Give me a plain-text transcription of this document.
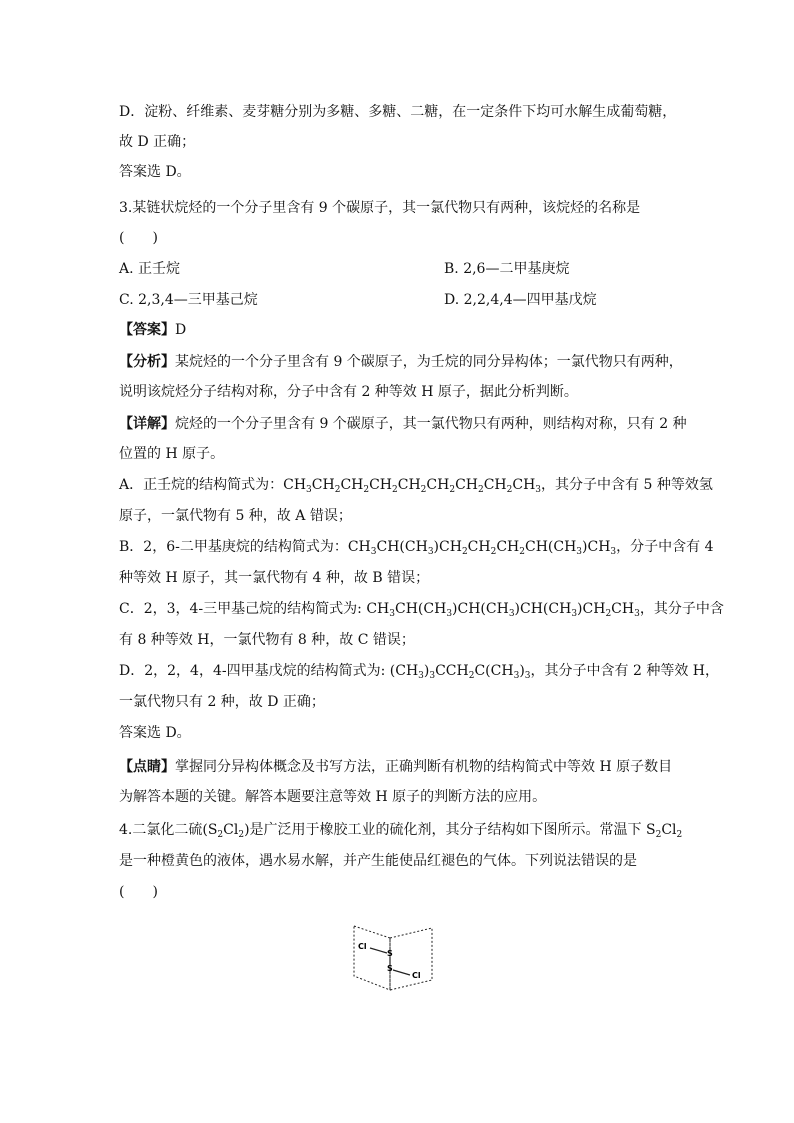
D．淀粉、纤维素、麦芽糖分别为多糖、多糖、二糖，在一定条件下均可水解生成葡萄糖，
故 D 正确；
答案选 D。
3.某链状烷烃的一个分子里含有 9 个碳原子，其一氯代物只有两种，该烷烃的名称是
(　　)
A. 正壬烷	B. 2,6—二甲基庚烷
C. 2,3,4—三甲基己烷	D. 2,2,4,4—四甲基戊烷
【答案】D
【分析】某烷烃的一个分子里含有 9 个碳原子，为壬烷的同分异构体；一氯代物只有两种，
说明该烷烃分子结构对称，分子中含有 2 种等效 H 原子，据此分析判断。
【详解】烷烃的一个分子里含有 9 个碳原子，其一氯代物只有两种，则结构对称，只有 2 种
位置的 H 原子。
A．正壬烷的结构简式为：$CH_3CH_2CH_2CH_2CH_2CH_2CH_2CH_2CH_3$，其分子中含有 5 种等效氢
原子，一氯代物有 5 种，故 A 错误；
B．2，6-二甲基庚烷的结构简式为：$CH_3CH(CH_3)CH_2CH_2CH_2CH(CH_3)CH_3$，分子中含有 4
种等效 H 原子，其一氯代物有 4 种，故 B 错误；
C．2，3，4-三甲基己烷的结构简式为: $CH_3CH(CH_3)CH(CH_3)CH(CH_3)CH_2CH_3$，其分子中含
有 8 种等效 H，一氯代物有 8 种，故 C 错误；
D．2，2，4，4-四甲基戊烷的结构简式为: $(CH_3)_3CCH_2C(CH_3)_3$，其分子中含有 2 种等效 H，
一氯代物只有 2 种，故 D 正确；
答案选 D。
【点睛】掌握同分异构体概念及书写方法，正确判断有机物的结构简式中等效 H 原子数目
为解答本题的关键。解答本题要注意等效 H 原子的判断方法的应用。
4.二氯化二硫$(S_2Cl_2)$是广泛用于橡胶工业的硫化剂，其分子结构如下图所示。常温下 $S_2Cl_2$
是一种橙黄色的液体，遇水易水解，并产生能使品红褪色的气体。下列说法错误的是
(　　)
Cl
S
S
Cl
